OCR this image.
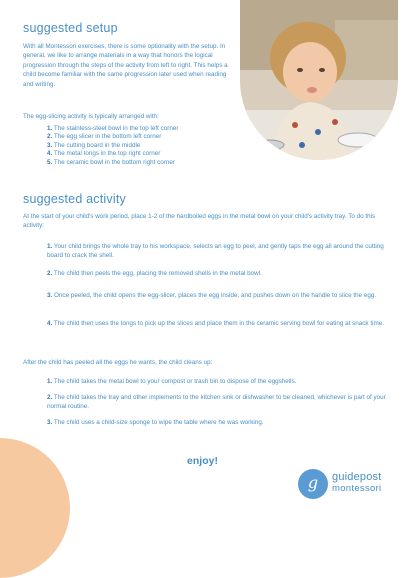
suggested setup

With all Montessori exercises, there is some optionality with the setup. In general, we like to arrange materials in a way that honors the logical progression through the steps of the activity from left to right. This helps a child become familiar with the same progression later used when reading and writing.

The egg-slicing activity is typically arranged with:

1. The stainless-steel bowl in the top left corner
2. The egg slicer in the bottom left corner
3. The cutting board in the middle
4. The metal tongs in the top right corner
5. The ceramic bowl in the bottom right corner
suggested activity

At the start of your child's work period, place 1-2 of the hardboiled eggs in the metal bowl on your child's activity tray. To do this activity:

1. Your child brings the whole tray to his workspace, selects an egg to peel, and gently taps the egg all around the cutting board to crack the shell.

2. The child then peels the egg, placing the removed shells in the metal bowl.

3. Once peeled, the child opens the egg-slicer, places the egg inside, and pushes down on the handle to slice the egg.

4. The child then uses the tongs to pick up the slices and place them in the ceramic serving bowl for eating at snack time.

After the child has peeled all the eggs he wants, the child cleans up:

1. The child takes the metal bowl to your compost or trash bin to dispose of the eggshells.

2. The child takes the tray and other implements to the kitchen sink or dishwasher to be cleaned, whichever is part of your normal routine.

3. The child uses a child-size sponge to wipe the table where he was working.

enjoy!
g	guidepost
montessori
